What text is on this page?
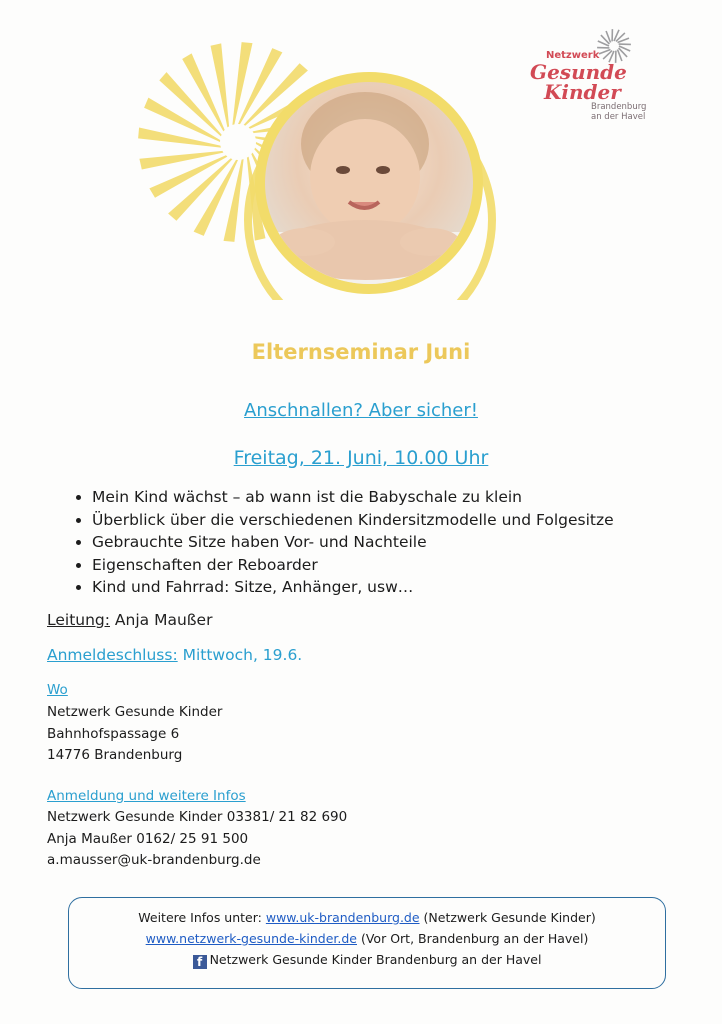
Netzwerk
Gesunde
Kinder
Brandenburg
an der Havel
Elternseminar Juni
Anschnallen? Aber sicher!
Freitag, 21. Juni, 10.00 Uhr
• Mein Kind wächst – ab wann ist die Babyschale zu klein
• Überblick über die verschiedenen Kindersitzmodelle und Folgesitze
• Gebrauchte Sitze haben Vor- und Nachteile
• Eigenschaften der Reboarder
• Kind und Fahrrad: Sitze, Anhänger, usw…
Leitung: Anja Maußer
Anmeldeschluss: Mittwoch, 19.6.
Wo
Netzwerk Gesunde Kinder
Bahnhofspassage 6
14776 Brandenburg
Anmeldung und weitere Infos
Netzwerk Gesunde Kinder 03381/ 21 82 690
Anja Maußer 0162/ 25 91 500
a.mausser@uk-brandenburg.de
Weitere Infos unter: www.uk-brandenburg.de (Netzwerk Gesunde Kinder)
www.netzwerk-gesunde-kinder.de (Vor Ort, Brandenburg an der Havel)
f Netzwerk Gesunde Kinder Brandenburg an der Havel
